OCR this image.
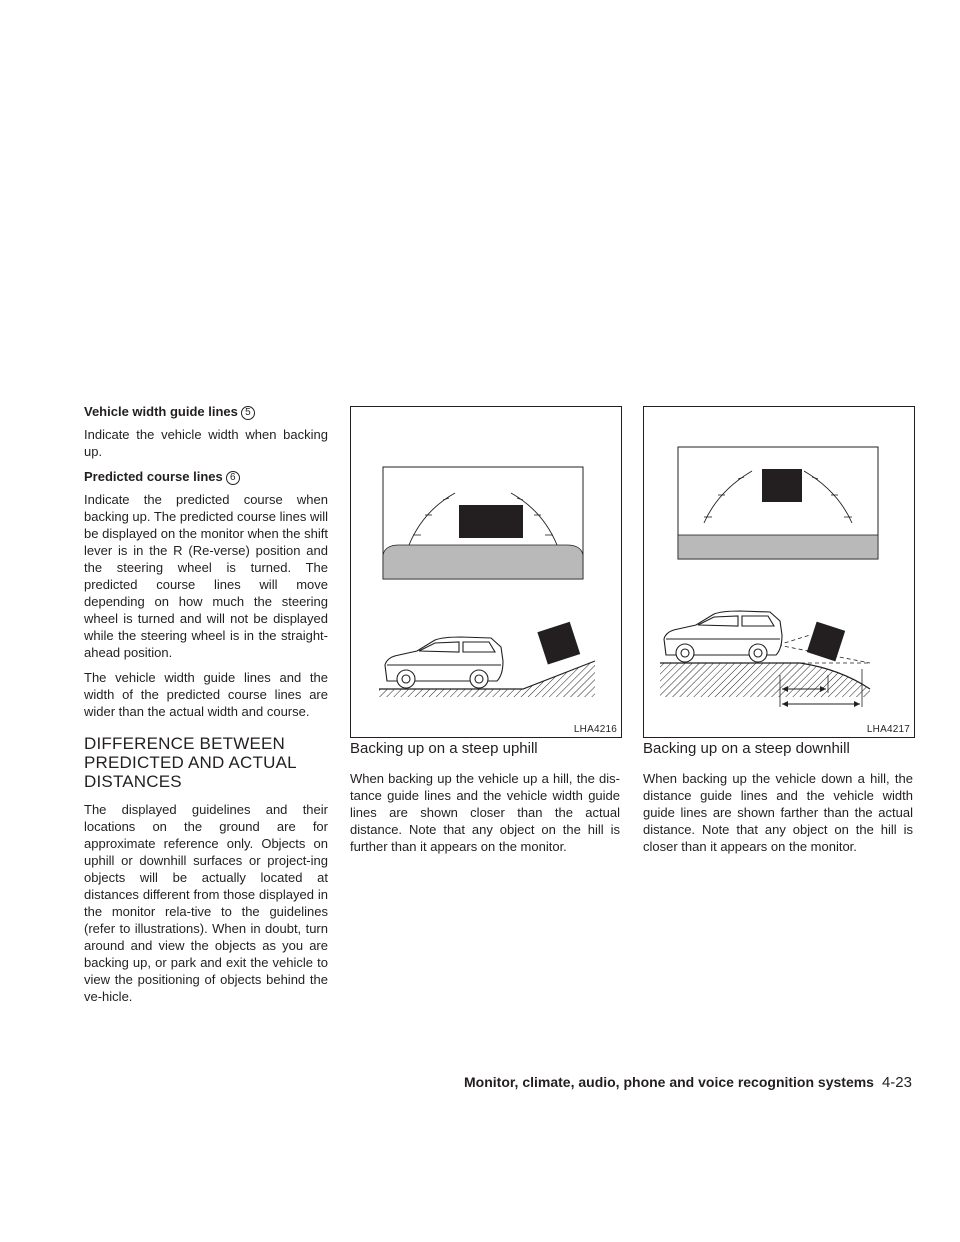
Vehicle width guide lines 5

Indicate the vehicle width when backing up.

Predicted course lines 6

Indicate the predicted course when backing up. The predicted course lines will be displayed on the monitor when the shift lever is in the R (Re-verse) position and the steering wheel is turned. The predicted course lines will move depending on how much the steering wheel is turned and will not be displayed while the steering wheel is in the straight-ahead position.

The vehicle width guide lines and the width of the predicted course lines are wider than the actual width and course.

DIFFERENCE BETWEEN PREDICTED AND ACTUAL DISTANCES

The displayed guidelines and their locations on the ground are for approximate reference only. Objects on uphill or downhill surfaces or project-ing objects will be actually located at distances different from those displayed in the monitor rela-tive to the guidelines (refer to illustrations). When in doubt, turn around and view the objects as you are backing up, or park and exit the vehicle to view the positioning of objects behind the ve-hicle.

LHA4216	LHA4217
Backing up on a steep uphill

When backing up the vehicle up a hill, the dis-tance guide lines and the vehicle width guide lines are shown closer than the actual distance. Note that any object on the hill is further than it appears on the monitor.

Backing up on a steep downhill

When backing up the vehicle down a hill, the distance guide lines and the vehicle width guide lines are shown farther than the actual distance. Note that any object on the hill is closer than it appears on the monitor.

Monitor, climate, audio, phone and voice recognition systems 4-23
